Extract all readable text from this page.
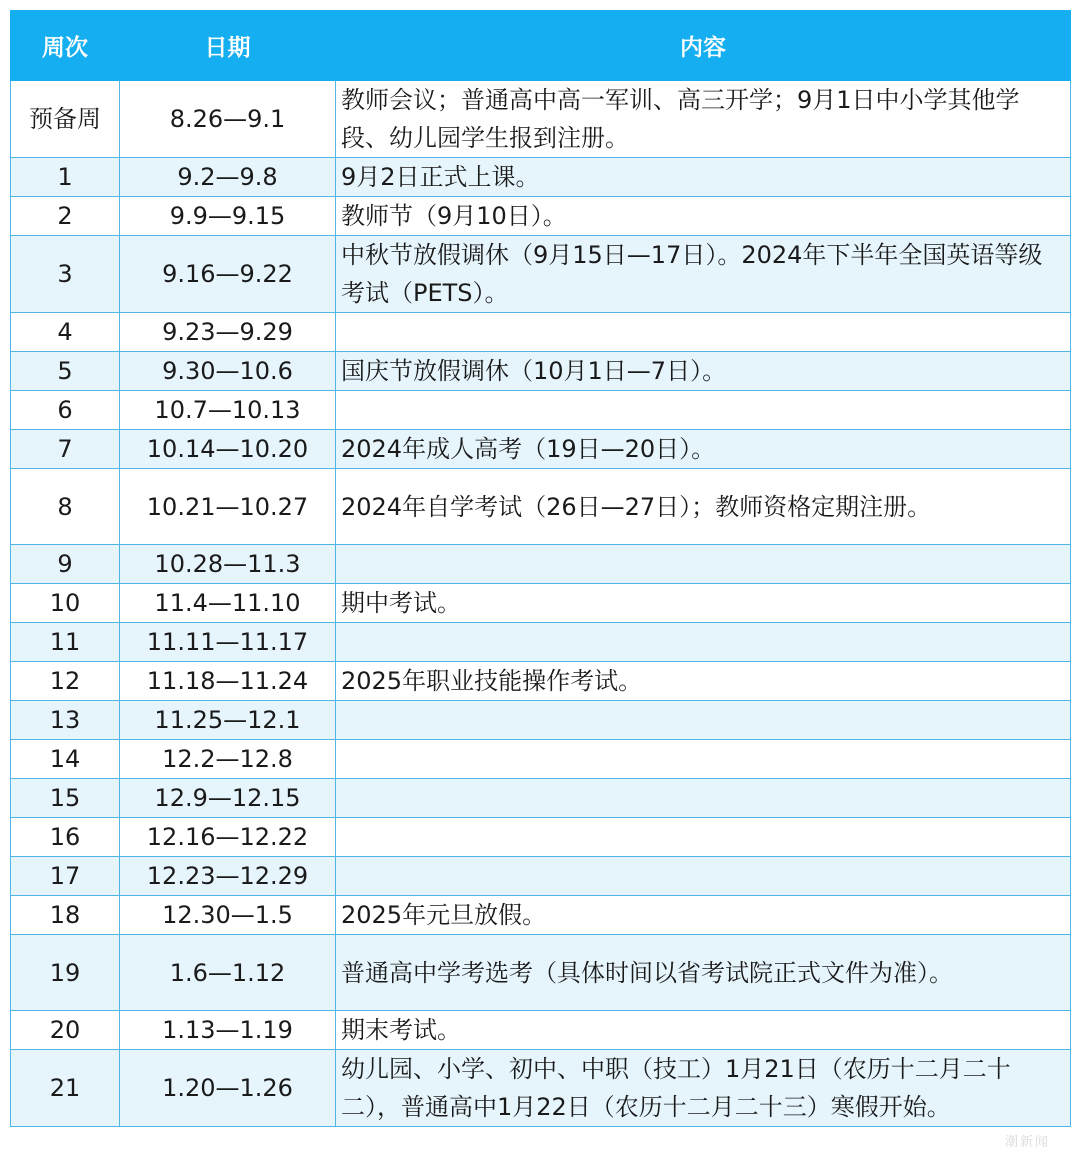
周次	日期	内容
预备周	8.26—9.1	教师会议；普通高中高一军训、高三开学；9月1日中小学其他学段、幼儿园学生报到注册。
1	9.2—9.8	9月2日正式上课。
2	9.9—9.15	教师节（9月10日）。
3	9.16—9.22	中秋节放假调休（9月15日—17日）。2024年下半年全国英语等级考试（PETS）。
4	9.23—9.29	
5	9.30—10.6	国庆节放假调休（10月1日—7日）。
6	10.7—10.13	
7	10.14—10.20	2024年成人高考（19日—20日）。
8	10.21—10.27	2024年自学考试（26日—27日）；教师资格定期注册。
9	10.28—11.3	
10	11.4—11.10	期中考试。
11	11.11—11.17	
12	11.18—11.24	2025年职业技能操作考试。
13	11.25—12.1	
14	12.2—12.8	
15	12.9—12.15	
16	12.16—12.22	
17	12.23—12.29	
18	12.30—1.5	2025年元旦放假。
19	1.6—1.12	普通高中学考选考（具体时间以省考试院正式文件为准）。
20	1.13—1.19	期末考试。
21	1.20—1.26	幼儿园、小学、初中、中职（技工）1月21日（农历十二月二十二），普通高中1月22日（农历十二月二十三）寒假开始。
潮新闻
